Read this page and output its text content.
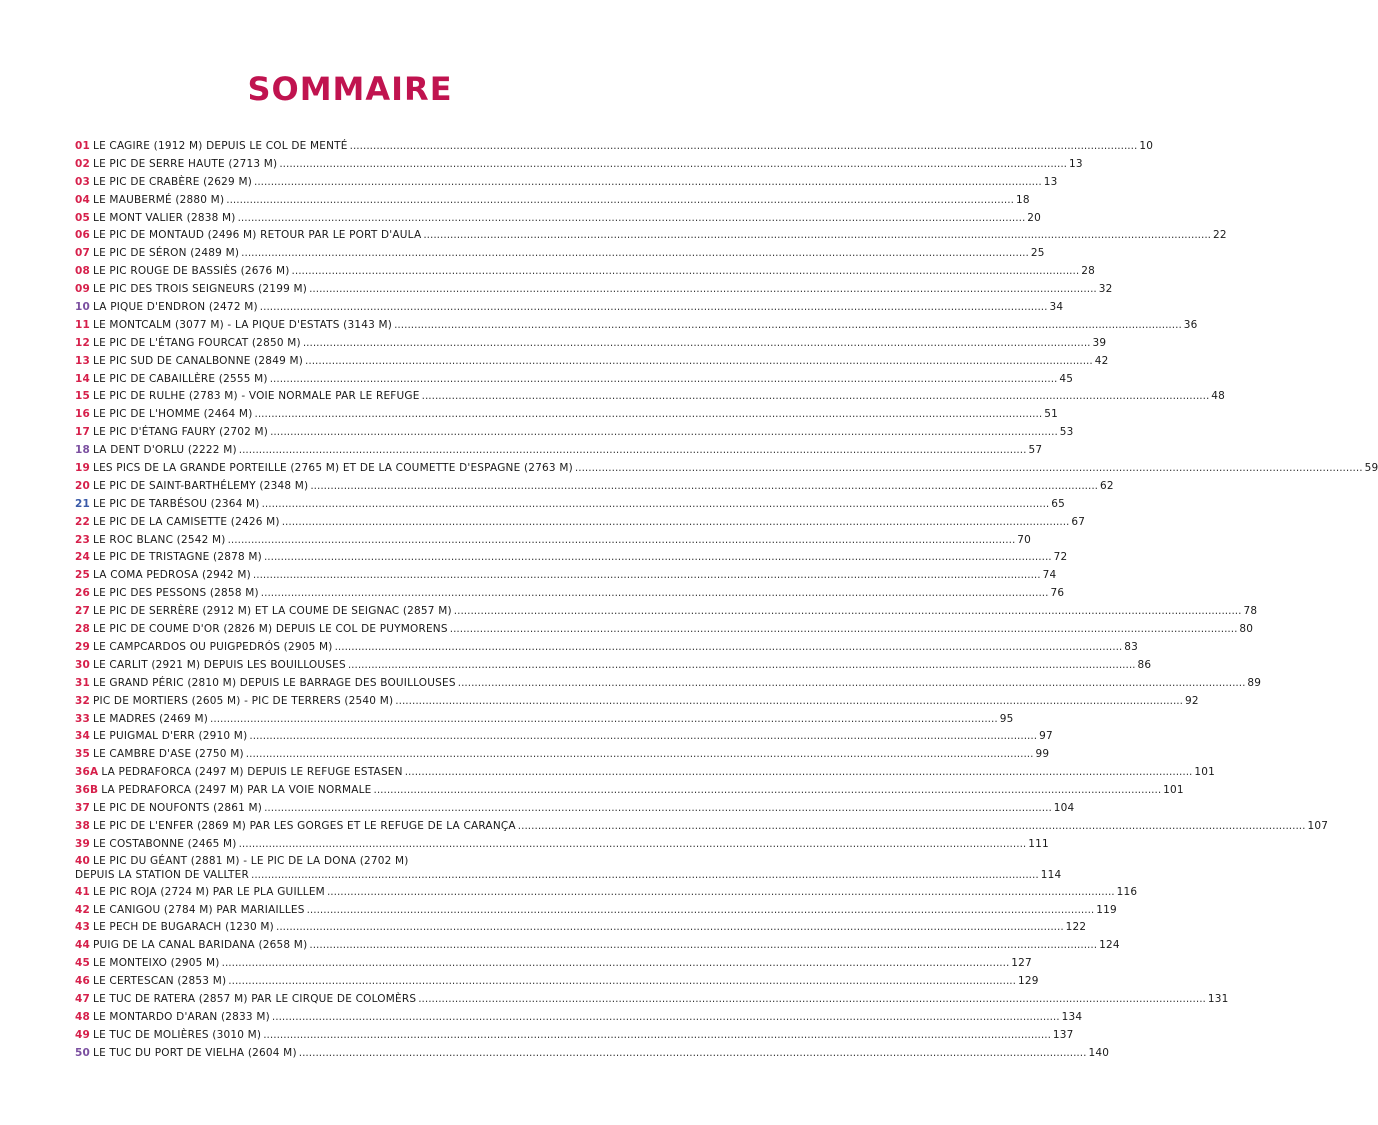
SOMMAIRE
01 LE CAGIRE (1912 M) DEPUIS LE COL DE MENTÉ .....	10
02 LE PIC DE SERRE HAUTE (2713 M) .....	13
03 LE PIC DE CRABÈRE (2629 M) .....	13
04 LE MAUBERMÉ (2880 M) .....	18
05 LE MONT VALIER (2838 M) .....	20
06 LE PIC DE MONTAUD (2496 M) RETOUR PAR LE PORT D'AULA .....	22
07 LE PIC DE SÉRON (2489 M) .....	25
08 LE PIC ROUGE DE BASSIÈS (2676 M) .....	28
09 LE PIC DES TROIS SEIGNEURS (2199 M) .....	32
10 LA PIQUE D'ENDRON (2472 M) .....	34
11 LE MONTCALM (3077 M) - LA PIQUE D'ESTATS (3143 M) .....	36
12 LE PIC DE L'ÉTANG FOURCAT (2850 M) .....	39
13 LE PIC SUD DE CANALBONNE (2849 M) .....	42
14 LE PIC DE CABAILLÈRE (2555 M) .....	45
15 LE PIC DE RULHE (2783 M) - VOIE NORMALE PAR LE REFUGE .....	48
16 LE PIC DE L'HOMME (2464 M) .....	51
17 LE PIC D'ÉTANG FAURY (2702 M) .....	53
18 LA DENT D'ORLU (2222 M) .....	57
19 LES PICS DE LA GRANDE PORTEILLE (2765 M) ET DE LA COUMETTE D'ESPAGNE (2763 M) .....	59
20 LE PIC DE SAINT-BARTHÉLEMY (2348 M) .....	62
21 LE PIC DE TARBÉSOU (2364 M) .....	65
22 LE PIC DE LA CAMISETTE (2426 M) .....	67
23 LE ROC BLANC (2542 M) .....	70
24 LE PIC DE TRISTAGNE (2878 M) .....	72
25 LA COMA PEDROSA (2942 M) .....	74
26 LE PIC DES PESSONS (2858 M) .....	76
27 LE PIC DE SERRÈRE (2912 M) ET LA COUME DE SEIGNAC (2857 M) .....	78
28 LE PIC DE COUME D'OR (2826 M) DEPUIS LE COL DE PUYMORENS .....	80
29 LE CAMPCARDOS OU PUIGPEDRÓS (2905 M) .....	83
30 LE CARLIT (2921 M) DEPUIS LES BOUILLOUSES .....	86
31 LE GRAND PÉRIC (2810 M) DEPUIS LE BARRAGE DES BOUILLOUSES .....	89
32 PIC DE MORTIERS (2605 M) - PIC DE TERRERS (2540 M) .....	92
33 LE MADRES (2469 M) .....	95
34 LE PUIGMAL D'ERR (2910 M) .....	97
35 LE CAMBRE D'ASE (2750 M) .....	99
36A LA PEDRAFORCA (2497 M) DEPUIS LE REFUGE ESTASEN .....	101
36B LA PEDRAFORCA (2497 M) PAR LA VOIE NORMALE .....	101
37 LE PIC DE NOUFONTS (2861 M) .....	104
38 LE PIC DE L'ENFER (2869 M) PAR LES GORGES ET LE REFUGE DE LA CARANÇA .....	107
39 LE COSTABONNE (2465 M) .....	111
40 LE PIC DU GÉANT (2881 M) - LE PIC DE LA DONA (2702 M)
DEPUIS LA STATION DE VALLTER .....	114
41 LE PIC ROJA (2724 M) PAR LE PLA GUILLEM .....	116
42 LE CANIGOU (2784 M) PAR MARIAILLES .....	119
43 LE PECH DE BUGARACH (1230 M) .....	122
44 PUIG DE LA CANAL BARIDANA (2658 M) .....	124
45 LE MONTEIXO (2905 M) .....	127
46 LE CERTESCAN (2853 M) .....	129
47 LE TUC DE RATERA (2857 M) PAR LE CIRQUE DE COLOMÈRS .....	131
48 LE MONTARDO D'ARAN (2833 M) .....	134
49 LE TUC DE MOLIÈRES (3010 M) .....	137
50 LE TUC DU PORT DE VIELHA (2604 M) .....	140
